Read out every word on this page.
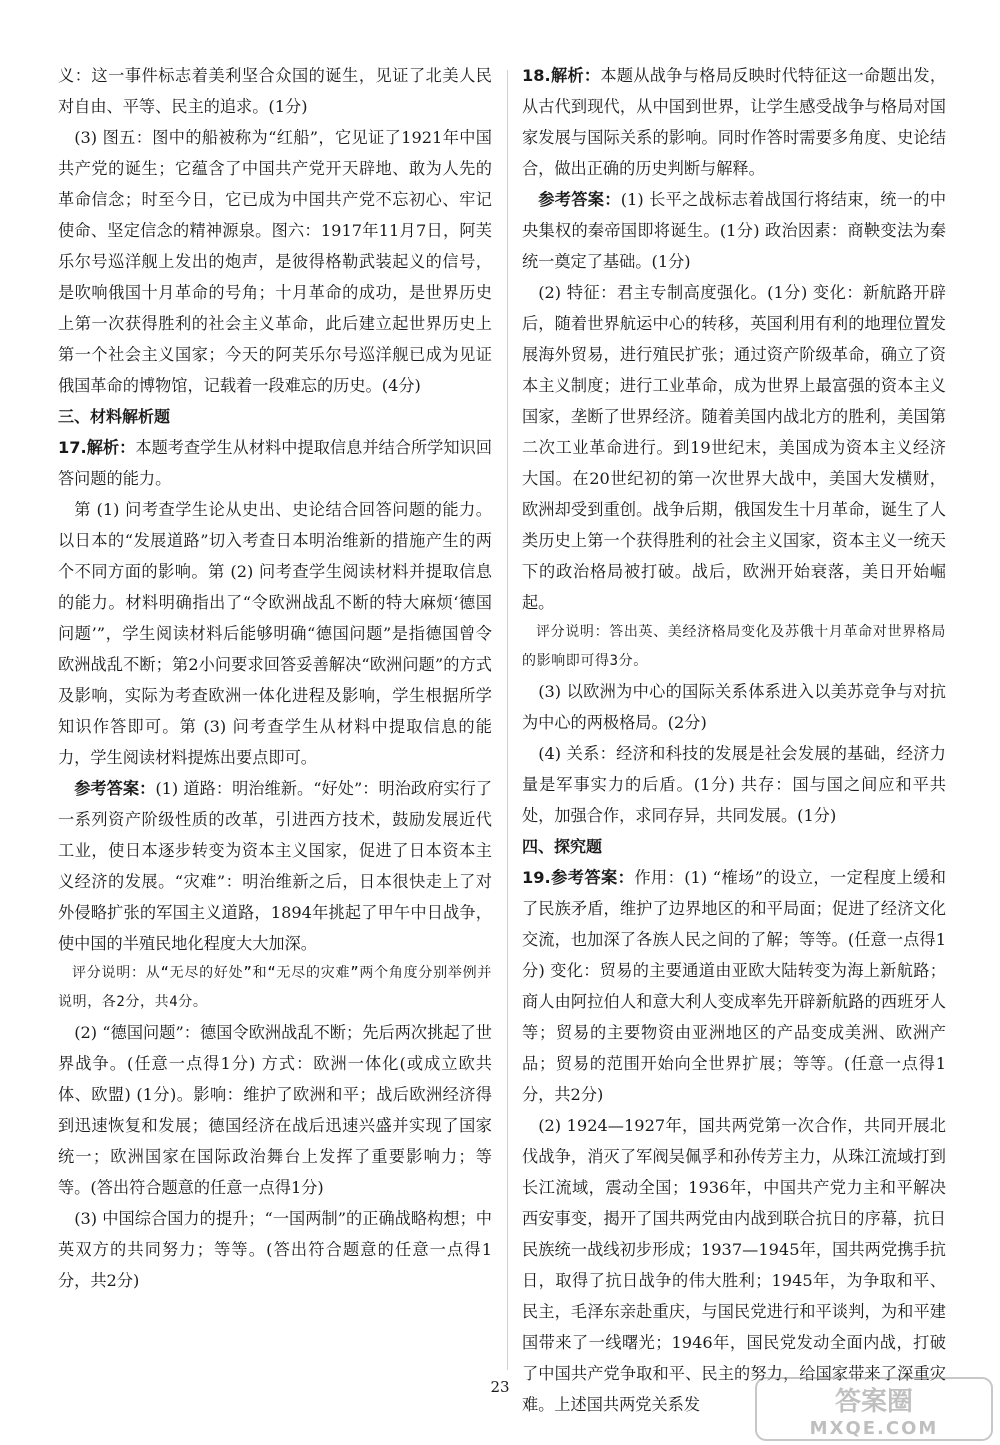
义：这一事件标志着美利坚合众国的诞生，见证了北美人民对自由、平等、民主的追求。(1分)

(3) 图五：图中的船被称为“红船”，它见证了1921年中国共产党的诞生；它蕴含了中国共产党开天辟地、敢为人先的革命信念；时至今日，它已成为中国共产党不忘初心、牢记使命、坚定信念的精神源泉。图六：1917年11月7日，阿芙乐尔号巡洋舰上发出的炮声，是彼得格勒武装起义的信号，是吹响俄国十月革命的号角；十月革命的成功，是世界历史上第一次获得胜利的社会主义革命，此后建立起世界历史上第一个社会主义国家；今天的阿芙乐尔号巡洋舰已成为见证俄国革命的博物馆，记载着一段难忘的历史。(4分)

三、材料解析题

17.解析：本题考查学生从材料中提取信息并结合所学知识回答问题的能力。

第 (1) 问考查学生论从史出、史论结合回答问题的能力。以日本的“发展道路”切入考查日本明治维新的措施产生的两个不同方面的影响。第 (2) 问考查学生阅读材料并提取信息的能力。材料明确指出了“令欧洲战乱不断的特大麻烦‘德国问题’”，学生阅读材料后能够明确“德国问题”是指德国曾令欧洲战乱不断；第2小问要求回答妥善解决“欧洲问题”的方式及影响，实际为考查欧洲一体化进程及影响，学生根据所学知识作答即可。第 (3) 问考查学生从材料中提取信息的能力，学生阅读材料提炼出要点即可。

参考答案：(1) 道路：明治维新。“好处”：明治政府实行了一系列资产阶级性质的改革，引进西方技术，鼓励发展近代工业，使日本逐步转变为资本主义国家，促进了日本资本主义经济的发展。“灾难”：明治维新之后，日本很快走上了对外侵略扩张的军国主义道路，1894年挑起了甲午中日战争，使中国的半殖民地化程度大大加深。

评分说明：从“无尽的好处”和“无尽的灾难”两个角度分别举例并说明，各2分，共4分。

(2) “德国问题”：德国令欧洲战乱不断；先后两次挑起了世界战争。(任意一点得1分) 方式：欧洲一体化(或成立欧共体、欧盟) (1分)。影响：维护了欧洲和平；战后欧洲经济得到迅速恢复和发展；德国经济在战后迅速兴盛并实现了国家统一；欧洲国家在国际政治舞台上发挥了重要影响力；等等。(答出符合题意的任意一点得1分)

(3) 中国综合国力的提升；“一国两制”的正确战略构想；中英双方的共同努力；等等。(答出符合题意的任意一点得1分，共2分)

18.解析：本题从战争与格局反映时代特征这一命题出发，从古代到现代，从中国到世界，让学生感受战争与格局对国家发展与国际关系的影响。同时作答时需要多角度、史论结合，做出正确的历史判断与解释。

参考答案：(1) 长平之战标志着战国行将结束，统一的中央集权的秦帝国即将诞生。(1分) 政治因素：商鞅变法为秦统一奠定了基础。(1分)

(2) 特征：君主专制高度强化。(1分) 变化：新航路开辟后，随着世界航运中心的转移，英国利用有利的地理位置发展海外贸易，进行殖民扩张；通过资产阶级革命，确立了资本主义制度；进行工业革命，成为世界上最富强的资本主义国家，垄断了世界经济。随着美国内战北方的胜利，美国第二次工业革命进行。到19世纪末，美国成为资本主义经济大国。在20世纪初的第一次世界大战中，美国大发横财，欧洲却受到重创。战争后期，俄国发生十月革命，诞生了人类历史上第一个获得胜利的社会主义国家，资本主义一统天下的政治格局被打破。战后，欧洲开始衰落，美日开始崛起。

评分说明：答出英、美经济格局变化及苏俄十月革命对世界格局的影响即可得3分。

(3) 以欧洲为中心的国际关系体系进入以美苏竞争与对抗为中心的两极格局。(2分)

(4) 关系：经济和科技的发展是社会发展的基础，经济力量是军事实力的后盾。(1分) 共存：国与国之间应和平共处，加强合作，求同存异，共同发展。(1分)

四、探究题

19.参考答案：作用：(1) “榷场”的设立，一定程度上缓和了民族矛盾，维护了边界地区的和平局面；促进了经济文化交流，也加深了各族人民之间的了解；等等。(任意一点得1分) 变化：贸易的主要通道由亚欧大陆转变为海上新航路；商人由阿拉伯人和意大利人变成率先开辟新航路的西班牙人等；贸易的主要物资由亚洲地区的产品变成美洲、欧洲产品；贸易的范围开始向全世界扩展；等等。(任意一点得1分，共2分)

(2) 1924—1927年，国共两党第一次合作，共同开展北伐战争，消灭了军阀吴佩孚和孙传芳主力，从珠江流域打到长江流域，震动全国；1936年，中国共产党力主和平解决西安事变，揭开了国共两党由内战到联合抗日的序幕，抗日民族统一战线初步形成；1937—1945年，国共两党携手抗日，取得了抗日战争的伟大胜利；1945年，为争取和平、民主，毛泽东亲赴重庆，与国民党进行和平谈判，为和平建国带来了一线曙光；1946年，国民党发动全面内战，打破了中国共产党争取和平、民主的努力，给国家带来了深重灾难。上述国共两党关系发

23	答案圈
MXQE.COM
